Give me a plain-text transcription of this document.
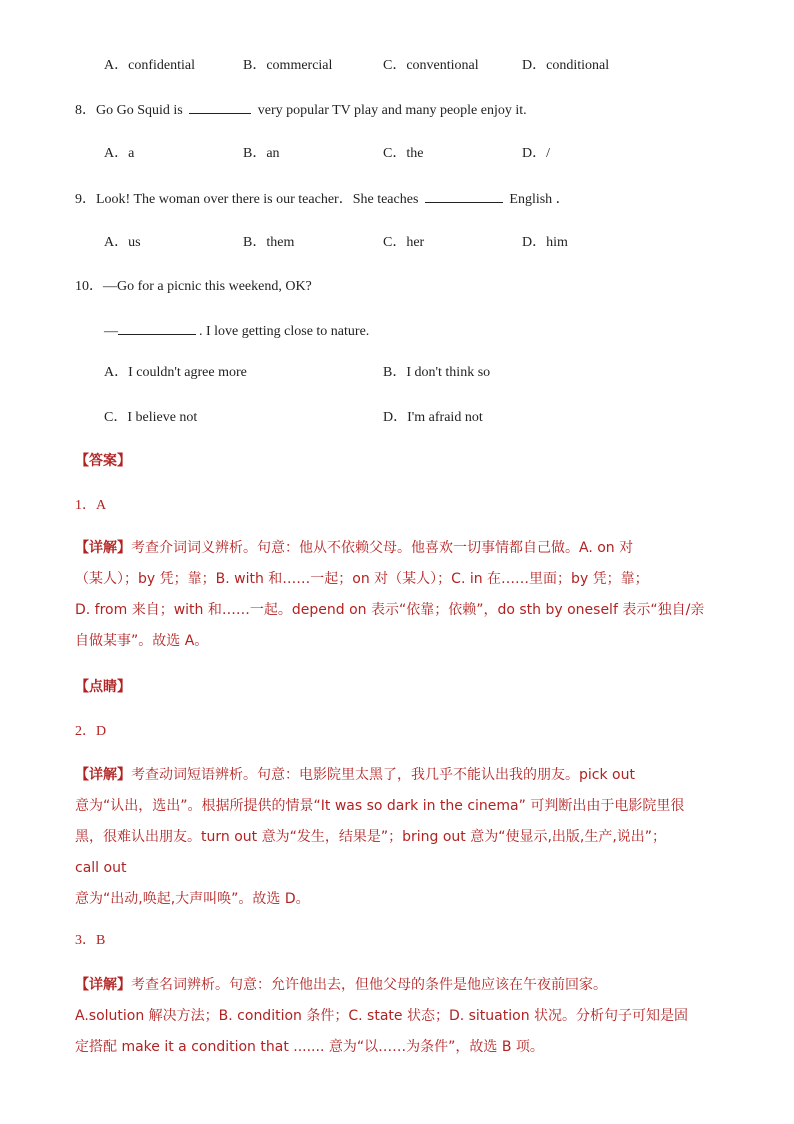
A．confidential	B．commercial	C．conventional	D．conditional
8．Go Go Squid is	very popular TV play and many people enjoy it.
A．a	B．an	C．the	D．/
9．Look! The woman over there is our teacher．She teaches	English ．
A．us	B．them	C．her	D．him
10．—Go for a picnic this weekend, OK?
—	. I love getting close to nature.
A．I couldn't agree more	B．I don't think so
C．I believe not	D．I'm afraid not
【答案】
1．A
【详解】考查介词词义辨析。句意：他从不依赖父母。他喜欢一切事情都自己做。A. on 对
（某人）；by 凭；靠；B. with 和……一起；on 对（某人）；C. in 在……里面；by 凭；靠；
D. from 来自；with 和……一起。depend on 表示“依靠；依赖”，do sth by oneself 表示“独自/亲
自做某事”。故选 A。
【点睛】
2．D
【详解】考查动词短语辨析。句意：电影院里太黑了，我几乎不能认出我的朋友。pick out
意为“认出，选出”。根据所提供的情景“It was so dark in the cinema” 可判断出由于电影院里很
黑，很难认出朋友。turn out 意为“发生，结果是”；bring out 意为“使显示,出版,生产,说出”；
call out
意为“出动,唤起,大声叫唤”。故选 D。
3．B
【详解】考查名词辨析。句意：允许他出去，但他父母的条件是他应该在午夜前回家。
A.solution 解决方法；B. condition 条件；C. state 状态；D. situation 状况。分析句子可知是固
定搭配 make it a condition that ....... 意为“以……为条件”，故选 B 项。
